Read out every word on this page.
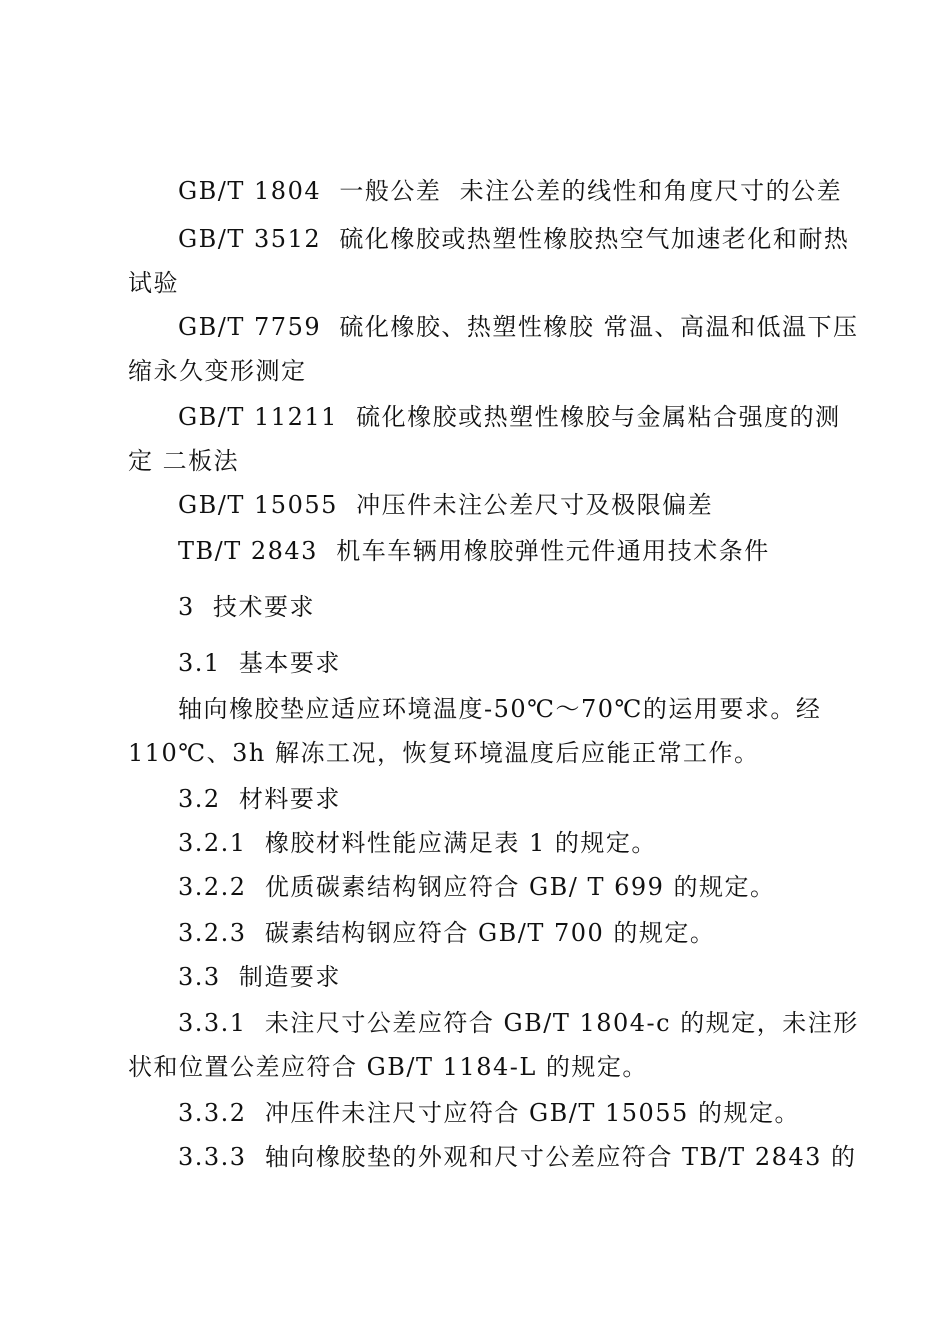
GB/T 1804  一般公差  未注公差的线性和角度尺寸的公差
GB/T 3512  硫化橡胶或热塑性橡胶热空气加速老化和耐热
试验
GB/T 7759  硫化橡胶、热塑性橡胶 常温、高温和低温下压
缩永久变形测定
GB/T 11211  硫化橡胶或热塑性橡胶与金属粘合强度的测
定 二板法
GB/T 15055  冲压件未注公差尺寸及极限偏差
TB/T 2843  机车车辆用橡胶弹性元件通用技术条件
3  技术要求
3.1  基本要求
轴向橡胶垫应适应环境温度-50℃～70℃的运用要求。经
110℃、3h 解冻工况，恢复环境温度后应能正常工作。
3.2  材料要求
3.2.1  橡胶材料性能应满足表 1 的规定。
3.2.2  优质碳素结构钢应符合 GB/ T 699 的规定。
3.2.3  碳素结构钢应符合 GB/T 700 的规定。
3.3  制造要求
3.3.1  未注尺寸公差应符合 GB/T 1804-c 的规定，未注形
状和位置公差应符合 GB/T 1184-L 的规定。
3.3.2  冲压件未注尺寸应符合 GB/T 15055 的规定。
3.3.3  轴向橡胶垫的外观和尺寸公差应符合 TB/T 2843 的
